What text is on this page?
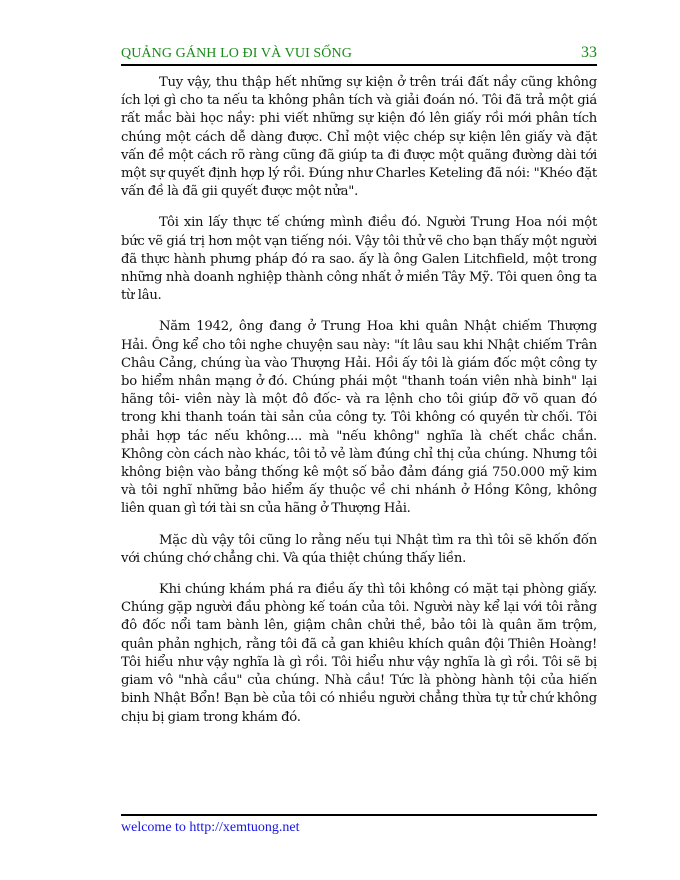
QUẢNG GÁNH LO ĐI VÀ VUI SỐNG	33

Tuy vậy, thu thập hết những sự kiện ở trên trái đất nầy cũng không ích lợi gì cho ta nếu ta không phân tích và giải đoán nó. Tôi đã trả một giá rất mắc bài học nầy: phi viết những sự kiện đó lên giấy rồi mới phân tích chúng một cách dễ dàng được. Chỉ một việc chép sự kiện lên giấy và đặt vấn đề một cách rõ ràng cũng đã giúp ta đi được một quãng đường dài tới một sự quyết định hợp lý rồi. Đúng như Charles Keteling đã nói: "Khéo đặt vấn đề là đã gii quyết được một nửa".

Tôi xin lấy thực tế chứng mình điều đó. Người Trung Hoa nói một bức vẽ giá trị hơn một vạn tiếng nói. Vậy tôi thử vẽ cho bạn thấy một người đã thực hành phưng pháp đó ra sao. ấy là ông Galen Litchfield, một trong những nhà doanh nghiệp thành công nhất ở miền Tây Mỹ. Tôi quen ông ta từ lâu.

Năm 1942, ông đang ở Trung Hoa khi quân Nhật chiếm Thượng Hải. Ông kể cho tôi nghe chuyện sau này: "ít lâu sau khi Nhật chiếm Trân Châu Cảng, chúng ùa vào Thượng Hải. Hồi ấy tôi là giám đốc một công ty bo hiểm nhân mạng ở đó. Chúng phái một "thanh toán viên nhà binh" lại hãng tôi- viên này là một đô đốc- và ra lệnh cho tôi giúp đỡ võ quan đó trong khi thanh toán tài sản của công ty. Tôi không có quyền từ chối. Tôi phải hợp tác nếu không.... mà "nếu không" nghĩa là chết chắc chắn. Không còn cách nào khác, tôi tỏ vẻ làm đúng chỉ thị của chúng. Nhưng tôi không biện vào bảng thống kê một số bảo đảm đáng giá 750.000 mỹ kim và tôi nghĩ những bảo hiểm ấy thuộc về chi nhánh ở Hồng Kông, không liên quan gì tới tài sn của hãng ở Thượng Hải.

Mặc dù vậy tôi cũng lo rằng nếu tụi Nhật tìm ra thì tôi sẽ khốn đốn với chúng chớ chẳng chi. Và qúa thiệt chúng thấy liền.

Khi chúng khám phá ra điều ấy thì tôi không có mặt tại phòng giấy. Chúng gặp người đầu phòng kế toán của tôi. Người này kể lại với tôi rằng đô đốc nổi tam bành lên, giậm chân chửi thề, bảo tôi là quân ăm trộm, quân phản nghịch, rằng tôi đã cả gan khiêu khích quân đội Thiên Hoàng! Tôi hiểu như vậy nghĩa là gì rồi. Tôi hiểu như vậy nghĩa là gì rồi. Tôi sẽ bị giam vô "nhà cầu" của chúng. Nhà cầu! Tức là phòng hành tội của hiến binh Nhật Bổn! Bạn bè của tôi có nhiều người chẳng thừa tự tử chứ không chịu bị giam trong khám đó.

welcome to http://xemtuong.net
